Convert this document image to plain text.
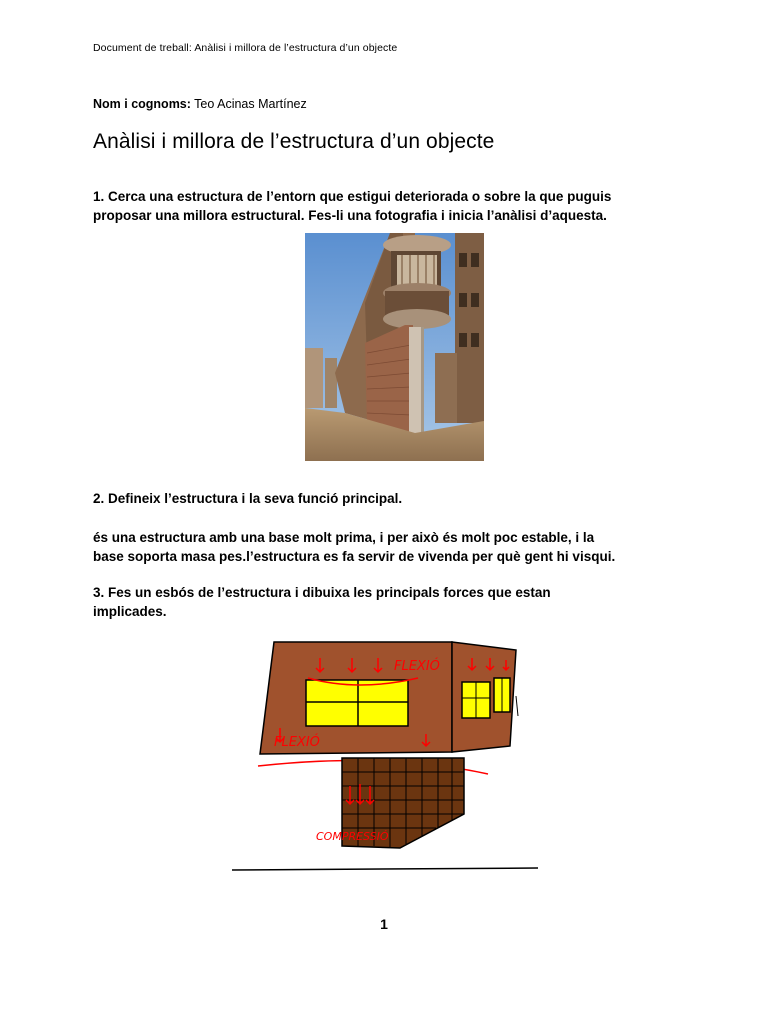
Document de treball: Anàlisi i millora de l’estructura d’un objecte
Nom i cognoms: Teo Acinas Martínez
Anàlisi i millora de l’estructura d’un objecte
1. Cerca una estructura de l’entorn que estigui deteriorada o sobre la que puguis
proposar una millora estructural. Fes-li una fotografia i inicia l’anàlisi d’aquesta.
2. Defineix l’estructura i la seva funció principal.
és una estructura amb una base molt prima, i per això és molt poc estable, i la
base soporta masa pes.l’estructura es fa servir de vivenda per què gent hi visqui.
3. Fes un esbós de l’estructura i dibuixa les principals forces que estan
implicades.
FLEXIÓ
FLEXIÓ
COMPRESSIÓ
1
